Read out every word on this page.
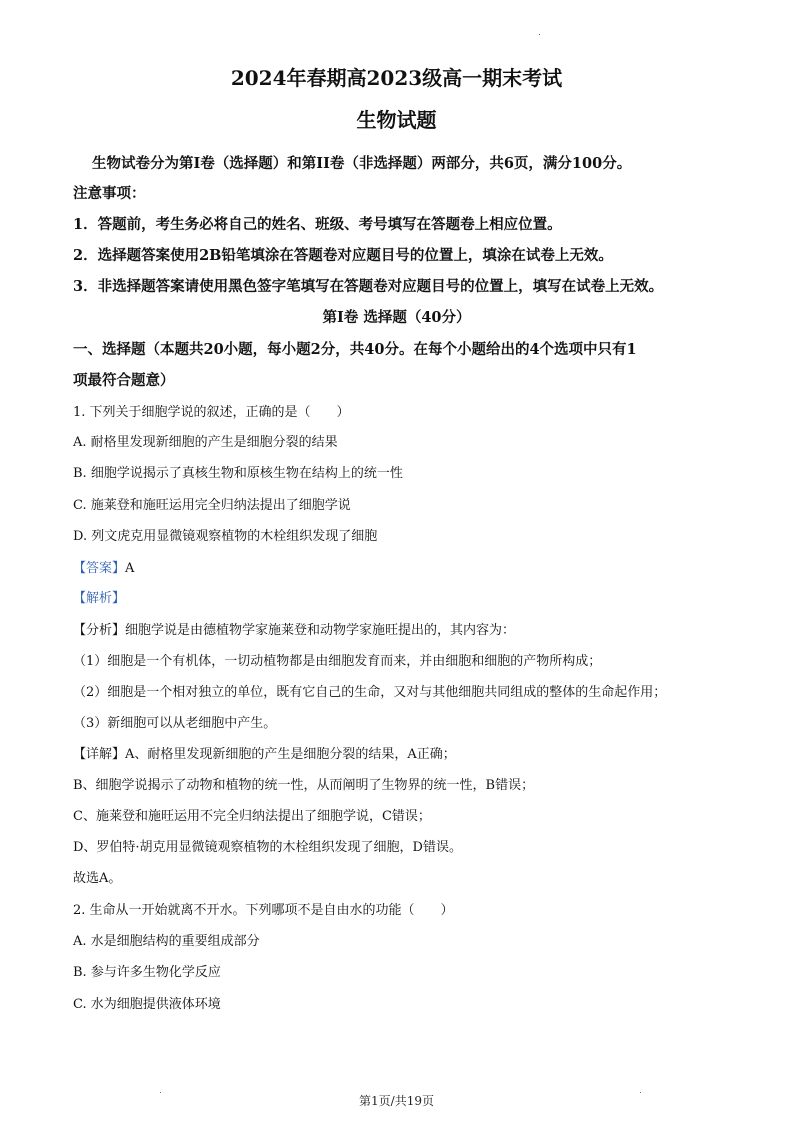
2024年春期高2023级高一期末考试
生物试题
生物试卷分为第I卷（选择题）和第II卷（非选择题）两部分，共6页，满分100分。
注意事项：
1．答题前，考生务必将自己的姓名、班级、考号填写在答题卷上相应位置。
2．选择题答案使用2B铅笔填涂在答题卷对应题目号的位置上，填涂在试卷上无效。
3．非选择题答案请使用黑色签字笔填写在答题卷对应题目号的位置上，填写在试卷上无效。
第I卷 选择题（40分）
一、选择题（本题共20小题，每小题2分，共40分。在每个小题给出的4个选项中只有1
项最符合题意）
1. 下列关于细胞学说的叙述，正确的是（　　）
A. 耐格里发现新细胞的产生是细胞分裂的结果
B. 细胞学说揭示了真核生物和原核生物在结构上的统一性
C. 施莱登和施旺运用完全归纳法提出了细胞学说
D. 列文虎克用显微镜观察植物的木栓组织发现了细胞
【答案】A
【解析】
【分析】细胞学说是由德植物学家施莱登和动物学家施旺提出的，其内容为：
（1）细胞是一个有机体，一切动植物都是由细胞发育而来，并由细胞和细胞的产物所构成；
（2）细胞是一个相对独立的单位，既有它自己的生命，又对与其他细胞共同组成的整体的生命起作用；
（3）新细胞可以从老细胞中产生。
【详解】A、耐格里发现新细胞的产生是细胞分裂的结果，A正确；
B、细胞学说揭示了动物和植物的统一性，从而阐明了生物界的统一性，B错误；
C、施莱登和施旺运用不完全归纳法提出了细胞学说，C错误；
D、罗伯特·胡克用显微镜观察植物的木栓组织发现了细胞，D错误。
故选A。
2. 生命从一开始就离不开水。下列哪项不是自由水的功能（　　）
A. 水是细胞结构的重要组成部分
B. 参与许多生物化学反应
C. 水为细胞提供液体环境
第1页/共19页
